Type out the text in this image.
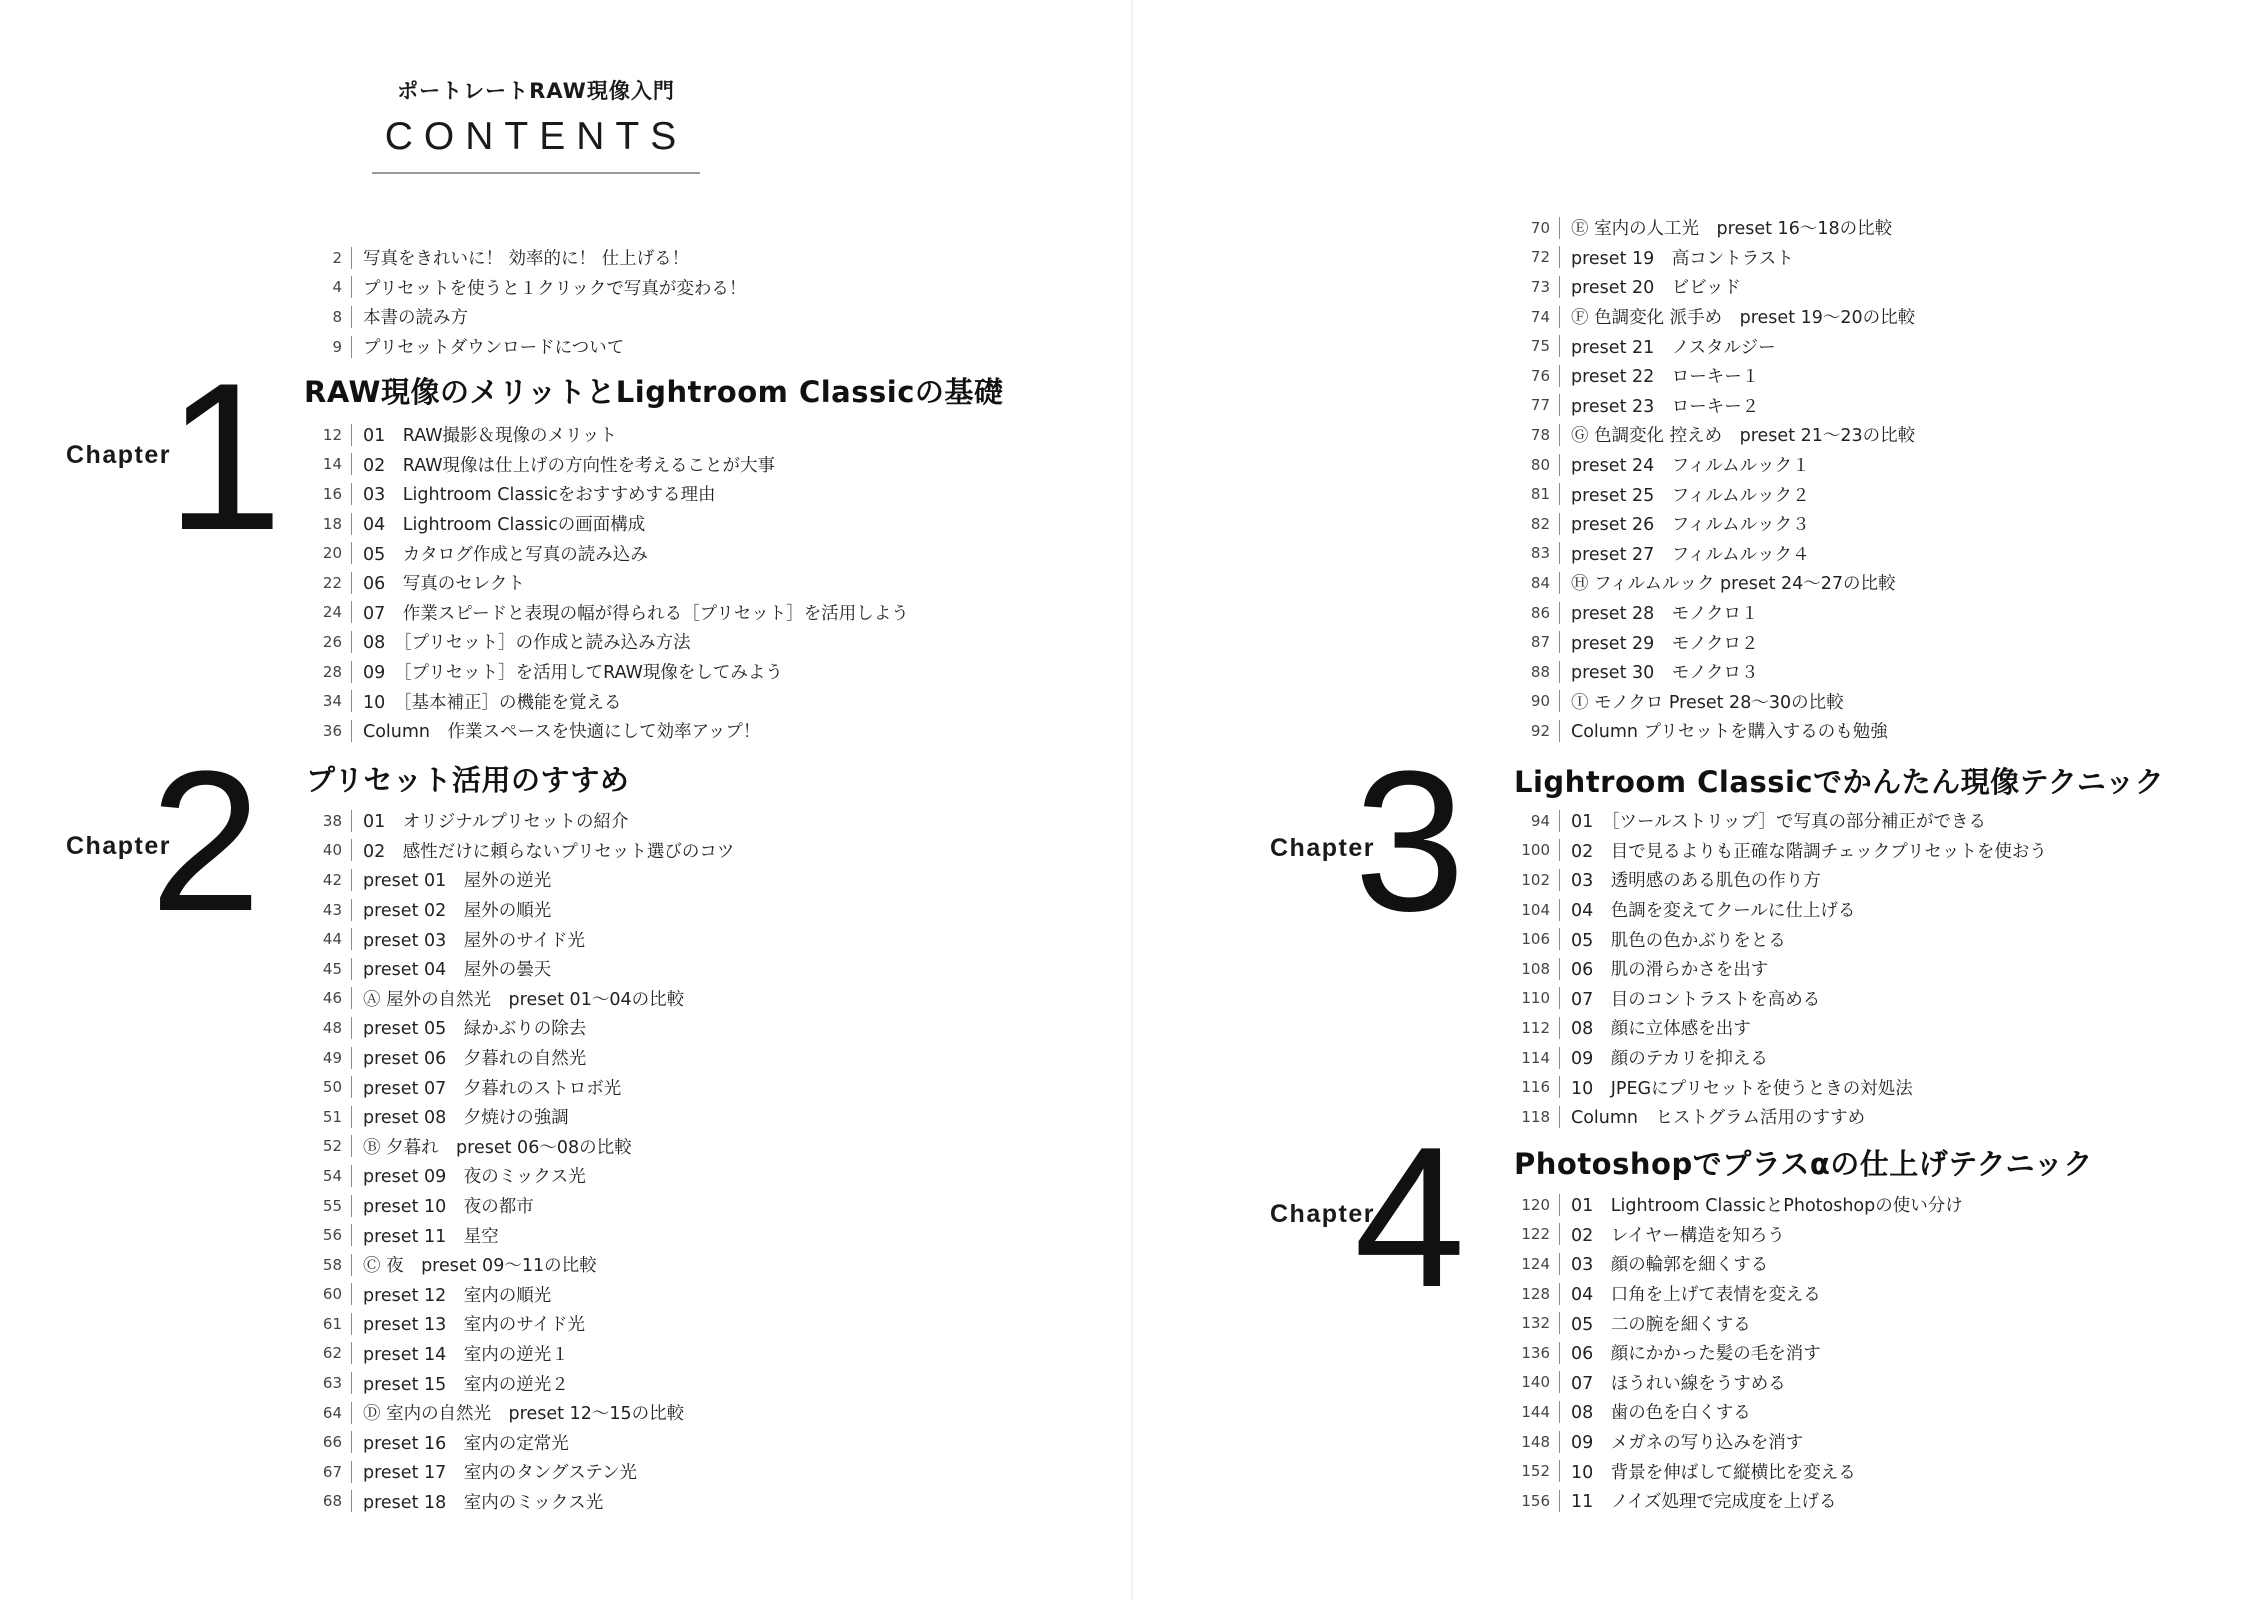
ポートレートRAW現像入門
CONTENTS
2	写真をきれいに！ 効率的に！ 仕上げる！
4	プリセットを使うと１クリックで写真が変わる！
8	本書の読み方
9	プリセットダウンロードについて
Chapter
1 RAW現像のメリットとLightroom Classicの基礎
12	01　RAW撮影＆現像のメリット
14	02　RAW現像は仕上げの方向性を考えることが大事
16	03　Lightroom Classicをおすすめする理由
18	04　Lightroom Classicの画面構成
20	05　カタログ作成と写真の読み込み
22	06　写真のセレクト
24	07　作業スピードと表現の幅が得られる［プリセット］を活用しよう
26	08　［プリセット］の作成と読み込み方法
28	09　［プリセット］を活用してRAW現像をしてみよう
34	10　［基本補正］の機能を覚える
36	Column　作業スペースを快適にして効率アップ！
Chapter
2 プリセット活用のすすめ
38	01　オリジナルプリセットの紹介
40	02　感性だけに頼らないプリセット選びのコツ
42	preset 01　屋外の逆光
43	preset 02　屋外の順光
44	preset 03　屋外のサイド光
45	preset 04　屋外の曇天
46	Ⓐ 屋外の自然光　preset 01～04の比較
48	preset 05　緑かぶりの除去
49	preset 06　夕暮れの自然光
50	preset 07　夕暮れのストロボ光
51	preset 08　夕焼けの強調
52	Ⓑ 夕暮れ　preset 06～08の比較
54	preset 09　夜のミックス光
55	preset 10　夜の都市
56	preset 11　星空
58	Ⓒ 夜　preset 09～11の比較
60	preset 12　室内の順光
61	preset 13　室内のサイド光
62	preset 14　室内の逆光１
63	preset 15　室内の逆光２
64	Ⓓ 室内の自然光　preset 12～15の比較
66	preset 16　室内の定常光
67	preset 17　室内のタングステン光
68	preset 18　室内のミックス光
70	Ⓔ 室内の人工光　preset 16～18の比較
72	preset 19　高コントラスト
73	preset 20　ビビッド
74	Ⓕ 色調変化 派手め　preset 19～20の比較
75	preset 21　ノスタルジー
76	preset 22　ローキー１
77	preset 23　ローキー２
78	Ⓖ 色調変化 控えめ　preset 21～23の比較
80	preset 24　フィルムルック１
81	preset 25　フィルムルック２
82	preset 26　フィルムルック３
83	preset 27　フィルムルック４
84	Ⓗ フィルムルック preset 24～27の比較
86	preset 28　モノクロ１
87	preset 29　モノクロ２
88	preset 30　モノクロ３
90	Ⓘ モノクロ Preset 28～30の比較
92	Column プリセットを購入するのも勉強
Chapter
3 Lightroom Classicでかんたん現像テクニック
94	01　［ツールストリップ］で写真の部分補正ができる
100	02　目で見るよりも正確な階調チェックプリセットを使おう
102	03　透明感のある肌色の作り方
104	04　色調を変えてクールに仕上げる
106	05　肌色の色かぶりをとる
108	06　肌の滑らかさを出す
110	07　目のコントラストを高める
112	08　顔に立体感を出す
114	09　顔のテカリを抑える
116	10　JPEGにプリセットを使うときの対処法
118	Column　ヒストグラム活用のすすめ
Chapter
4 Photoshopでプラスαの仕上げテクニック
120	01　Lightroom ClassicとPhotoshopの使い分け
122	02　レイヤー構造を知ろう
124	03　顔の輪郭を細くする
128	04　口角を上げて表情を変える
132	05　二の腕を細くする
136	06　顔にかかった髪の毛を消す
140	07　ほうれい線をうすめる
144	08　歯の色を白くする
148	09　メガネの写り込みを消す
152	10　背景を伸ばして縦横比を変える
156	11　ノイズ処理で完成度を上げる
